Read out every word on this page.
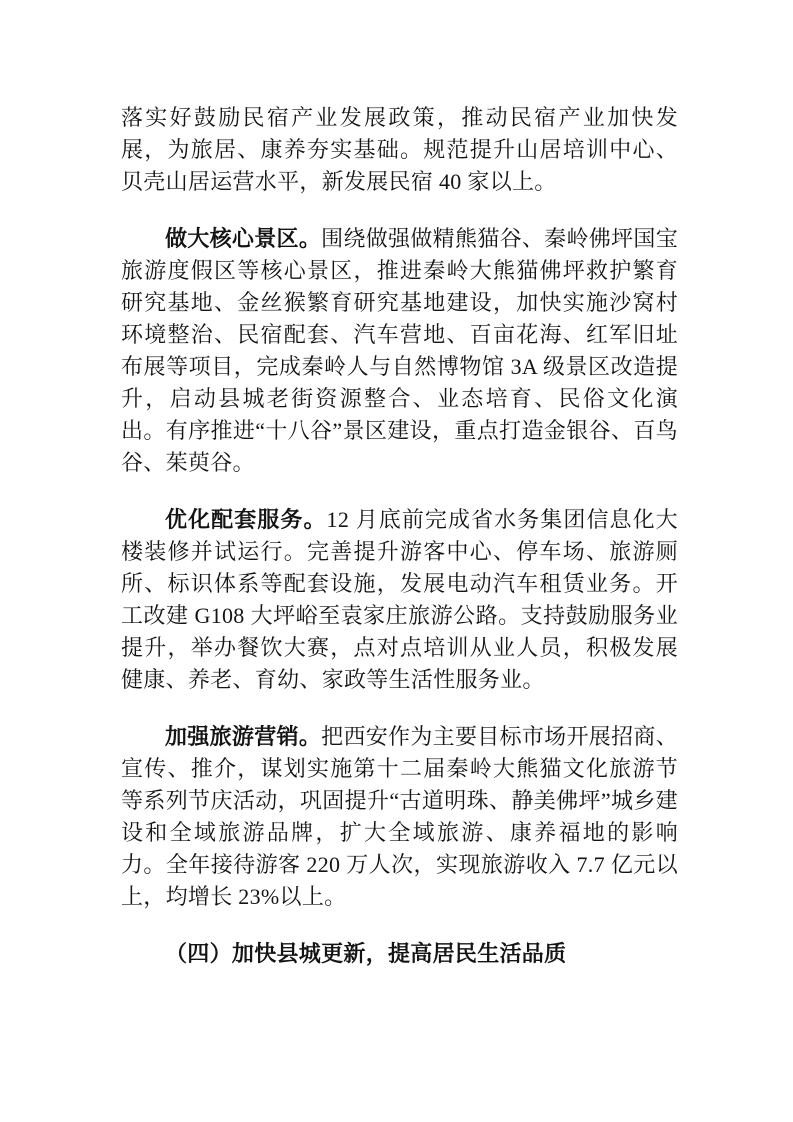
落实好鼓励民宿产业发展政策，推动民宿产业加快发展，为旅居、康养夯实基础。规范提升山居培训中心、贝壳山居运营水平，新发展民宿 40 家以上。

做大核心景区。围绕做强做精熊猫谷、秦岭佛坪国宝旅游度假区等核心景区，推进秦岭大熊猫佛坪救护繁育研究基地、金丝猴繁育研究基地建设，加快实施沙窝村环境整治、民宿配套、汽车营地、百亩花海、红军旧址布展等项目，完成秦岭人与自然博物馆 3A 级景区改造提升，启动县城老街资源整合、业态培育、民俗文化演出。有序推进“十八谷”景区建设，重点打造金银谷、百鸟谷、茱萸谷。

优化配套服务。12 月底前完成省水务集团信息化大楼装修并试运行。完善提升游客中心、停车场、旅游厕所、标识体系等配套设施，发展电动汽车租赁业务。开工改建 G108 大坪峪至袁家庄旅游公路。支持鼓励服务业提升，举办餐饮大赛，点对点培训从业人员，积极发展健康、养老、育幼、家政等生活性服务业。

加强旅游营销。把西安作为主要目标市场开展招商、宣传、推介，谋划实施第十二届秦岭大熊猫文化旅游节等系列节庆活动，巩固提升“古道明珠、静美佛坪”城乡建设和全域旅游品牌，扩大全域旅游、康养福地的影响力。全年接待游客 220 万人次，实现旅游收入 7.7 亿元以上，均增长 23%以上。

（四）加快县城更新，提高居民生活品质
